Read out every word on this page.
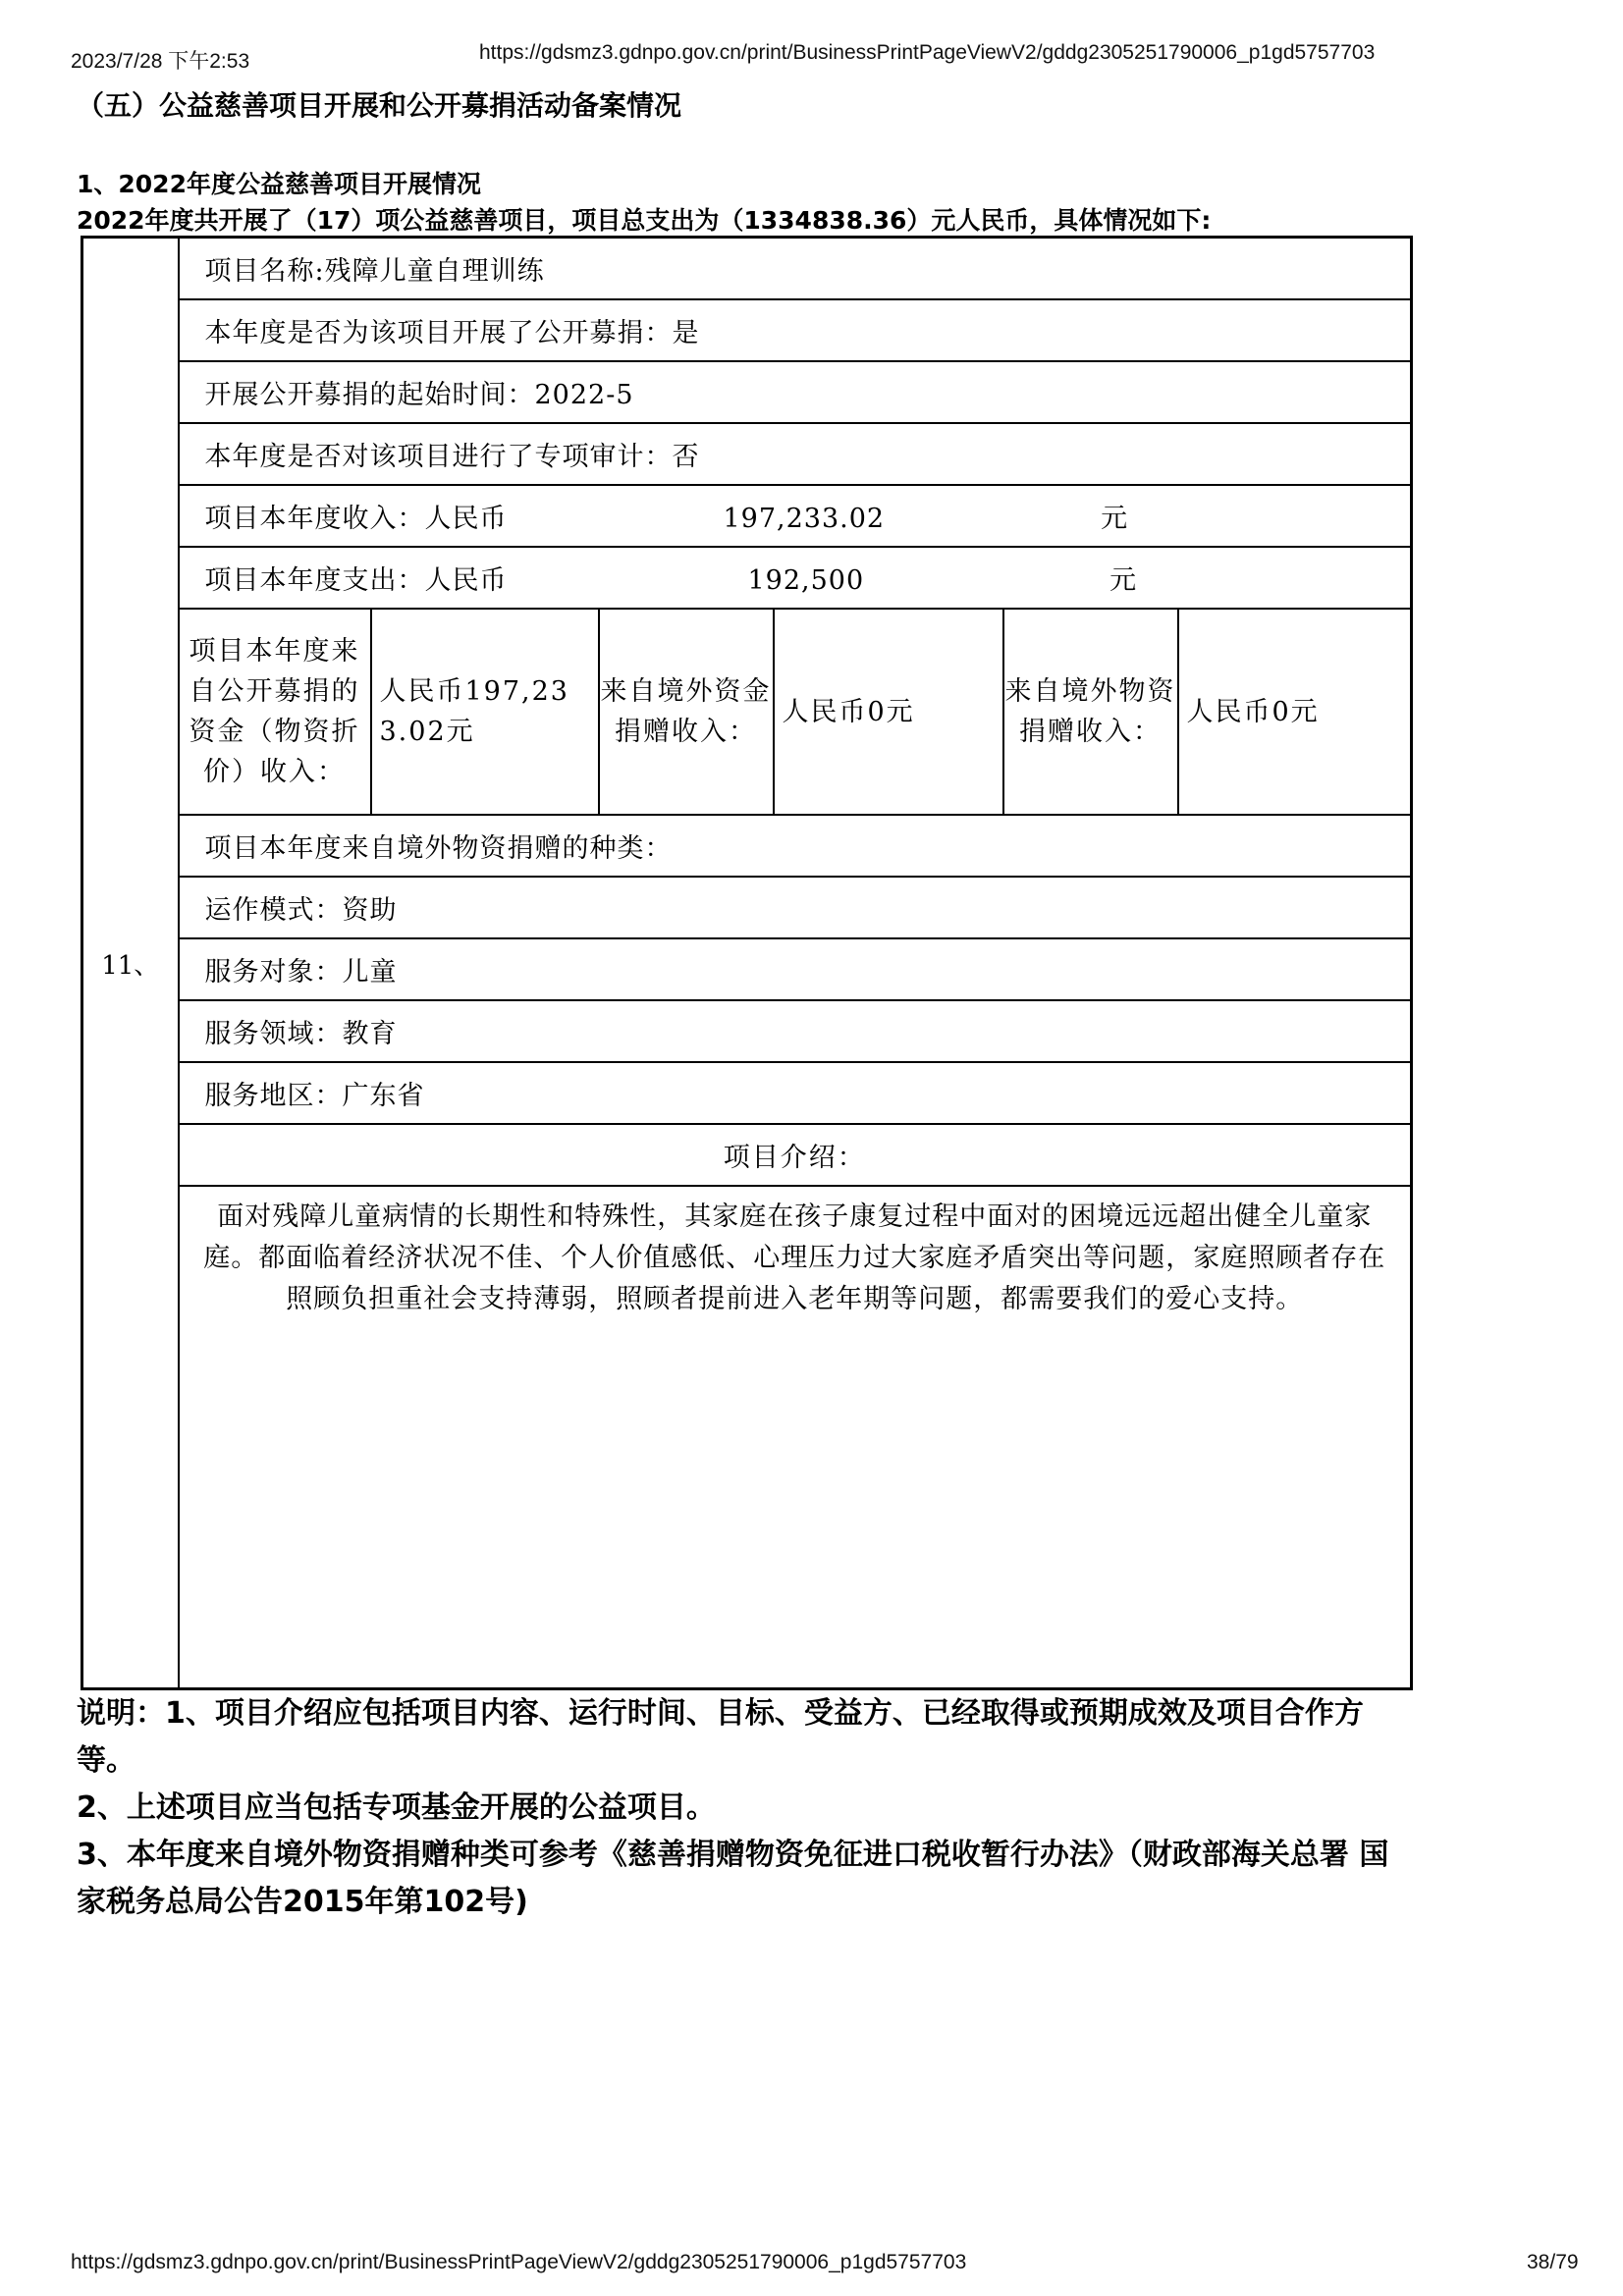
2023/7/28 下午2:53	https://gdsmz3.gdnpo.gov.cn/print/BusinessPrintPageViewV2/gddg2305251790006_p1gd5757703
（五）公益慈善项目开展和公开募捐活动备案情况
1、2022年度公益慈善项目开展情况
2022年度共开展了（17）项公益慈善项目，项目总支出为（1334838.36）元人民币，具体情况如下:
11、	项目名称:残障儿童自理训练
本年度是否为该项目开展了公开募捐：是
开展公开募捐的起始时间：2022-5
本年度是否对该项目进行了专项审计：否
项目本年度收入：人民币	197,233.02	元
项目本年度支出：人民币	192,500	元

项目本年度来自公开募捐的资金（物资折价）收入：	人民币197,233.02元	来自境外资金捐赠收入：	人民币0元	来自境外物资捐赠收入：	人民币0元

项目本年度来自境外物资捐赠的种类：
运作模式：资助
服务对象：儿童
服务领域：教育
服务地区：广东省
项目介绍：
面对残障儿童病情的长期性和特殊性，其家庭在孩子康复过程中面对的困境远远超出健全儿童家庭。都面临着经济状况不佳、个人价值感低、心理压力过大家庭矛盾突出等问题，家庭照顾者存在照顾负担重社会支持薄弱，照顾者提前进入老年期等问题，都需要我们的爱心支持。
说明：1、项目介绍应包括项目内容、运行时间、目标、受益方、已经取得或预期成效及项目合作方等。
2、上述项目应当包括专项基金开展的公益项目。
3、本年度来自境外物资捐赠种类可参考《慈善捐赠物资免征进口税收暂行办法》（财政部海关总署 国家税务总局公告2015年第102号)
https://gdsmz3.gdnpo.gov.cn/print/BusinessPrintPageViewV2/gddg2305251790006_p1gd5757703	38/79
